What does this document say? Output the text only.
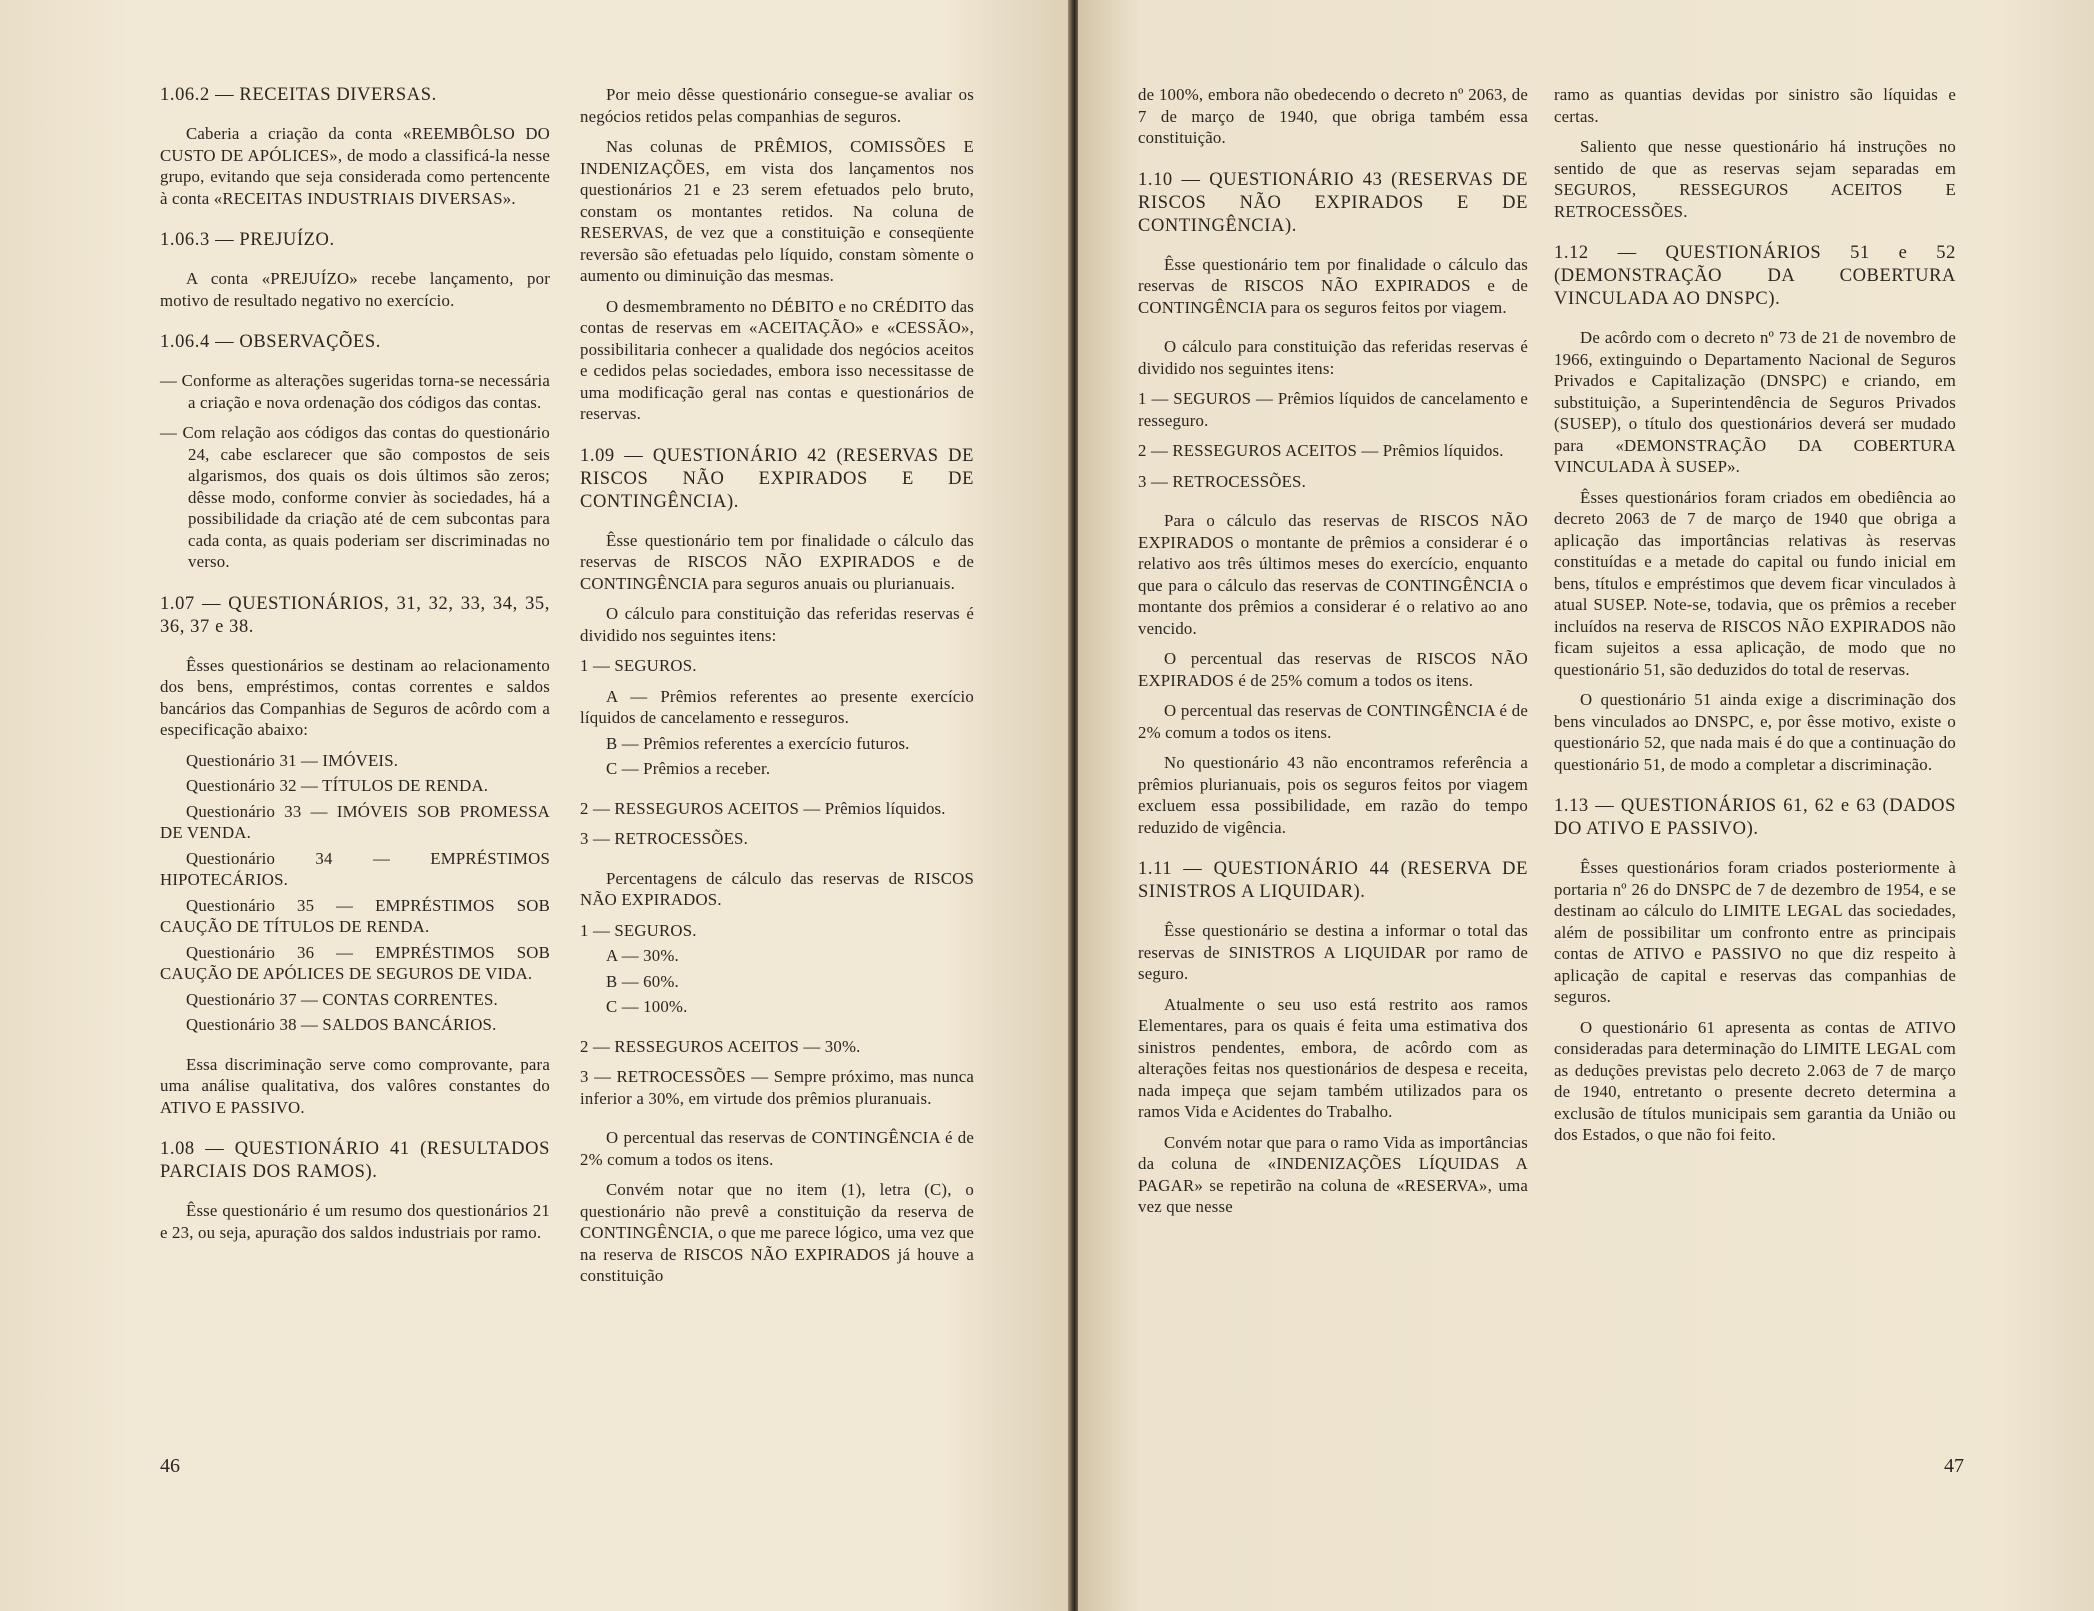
1.06.2 — RECEITAS DIVERSAS.

Caberia a criação da conta «REEMBÔLSO DO CUSTO DE APÓLICES», de modo a classificá-la nesse grupo, evitando que seja considerada como pertencente à conta «RECEITAS INDUSTRIAIS DIVERSAS».

1.06.3 — PREJUÍZO.

A conta «PREJUÍZO» recebe lançamento, por motivo de resultado negativo no exercício.

1.06.4 — OBSERVAÇÕES.

— Conforme as alterações sugeridas torna-se necessária a criação e nova ordenação dos códigos das contas.

— Com relação aos códigos das contas do questionário 24, cabe esclarecer que são compostos de seis algarismos, dos quais os dois últimos são zeros; dêsse modo, conforme convier às sociedades, há a possibilidade da criação até de cem subcontas para cada conta, as quais poderiam ser discriminadas no verso.

1.07 — QUESTIONÁRIOS, 31, 32, 33, 34, 35, 36, 37 e 38.

Êsses questionários se destinam ao relacionamento dos bens, empréstimos, contas correntes e saldos bancários das Companhias de Seguros de acôrdo com a especificação abaixo:

Questionário 31 — IMÓVEIS.

Questionário 32 — TÍTULOS DE RENDA.

Questionário 33 — IMÓVEIS SOB PROMESSA DE VENDA.

Questionário 34 — EMPRÉSTIMOS HIPOTECÁRIOS.

Questionário 35 — EMPRÉSTIMOS SOB CAUÇÃO DE TÍTULOS DE RENDA.

Questionário 36 — EMPRÉSTIMOS SOB CAUÇÃO DE APÓLICES DE SEGUROS DE VIDA.

Questionário 37 — CONTAS CORRENTES.

Questionário 38 — SALDOS BANCÁRIOS.

Essa discriminação serve como comprovante, para uma análise qualitativa, dos valôres constantes do ATIVO E PASSIVO.

1.08 — QUESTIONÁRIO 41 (RESULTADOS PARCIAIS DOS RAMOS).

Êsse questionário é um resumo dos questionários 21 e 23, ou seja, apuração dos saldos industriais por ramo.

Por meio dêsse questionário consegue-se avaliar os negócios retidos pelas companhias de seguros.

Nas colunas de PRÊMIOS, COMISSÕES E INDENIZAÇÕES, em vista dos lançamentos nos questionários 21 e 23 serem efetuados pelo bruto, constam os montantes retidos. Na coluna de RESERVAS, de vez que a constituição e conseqüente reversão são efetuadas pelo líquido, constam sòmente o aumento ou diminuição das mesmas.

O desmembramento no DÉBITO e no CRÉDITO das contas de reservas em «ACEITAÇÃO» e «CESSÃO», possibilitaria conhecer a qualidade dos negócios aceitos e cedidos pelas sociedades, embora isso necessitasse de uma modificação geral nas contas e questionários de reservas.

1.09 — QUESTIONÁRIO 42 (RESERVAS DE RISCOS NÃO EXPIRADOS E DE CONTINGÊNCIA).

Êsse questionário tem por finalidade o cálculo das reservas de RISCOS NÃO EXPIRADOS e de CONTINGÊNCIA para seguros anuais ou plurianuais.

O cálculo para constituição das referidas reservas é dividido nos seguintes itens:

1 — SEGUROS.

A — Prêmios referentes ao presente exercício líquidos de cancelamento e resseguros.

B — Prêmios referentes a exercício futuros.

C — Prêmios a receber.

2 — RESSEGUROS ACEITOS — Prêmios líquidos.

3 — RETROCESSÕES.

Percentagens de cálculo das reservas de RISCOS NÃO EXPIRADOS.

1 — SEGUROS.

A — 30%.

B — 60%.

C — 100%.

2 — RESSEGUROS ACEITOS — 30%.

3 — RETROCESSÕES — Sempre próximo, mas nunca inferior a 30%, em virtude dos prêmios pluranuais.

O percentual das reservas de CONTINGÊNCIA é de 2% comum a todos os itens.

Convém notar que no item (1), letra (C), o questionário não prevê a constituição da reserva de CONTINGÊNCIA, o que me parece lógico, uma vez que na reserva de RISCOS NÃO EXPIRADOS já houve a constituição

46

de 100%, embora não obedecendo o decreto nº 2063, de 7 de março de 1940, que obriga também essa constituição.

1.10 — QUESTIONÁRIO 43 (RESERVAS DE RISCOS NÃO EXPIRADOS E DE CONTINGÊNCIA).

Êsse questionário tem por finalidade o cálculo das reservas de RISCOS NÃO EXPIRADOS e de CONTINGÊNCIA para os seguros feitos por viagem.

O cálculo para constituição das referidas reservas é dividido nos seguintes itens:

1 — SEGUROS — Prêmios líquidos de cancelamento e resseguro.

2 — RESSEGUROS ACEITOS — Prêmios líquidos.

3 — RETROCESSÕES.

Para o cálculo das reservas de RISCOS NÃO EXPIRADOS o montante de prêmios a considerar é o relativo aos três últimos meses do exercício, enquanto que para o cálculo das reservas de CONTINGÊNCIA o montante dos prêmios a considerar é o relativo ao ano vencido.

O percentual das reservas de RISCOS NÃO EXPIRADOS é de 25% comum a todos os itens.

O percentual das reservas de CONTINGÊNCIA é de 2% comum a todos os itens.

No questionário 43 não encontramos referência a prêmios plurianuais, pois os seguros feitos por viagem excluem essa possibilidade, em razão do tempo reduzido de vigência.

1.11 — QUESTIONÁRIO 44 (RESERVA DE SINISTROS A LIQUIDAR).

Êsse questionário se destina a informar o total das reservas de SINISTROS A LIQUIDAR por ramo de seguro.

Atualmente o seu uso está restrito aos ramos Elementares, para os quais é feita uma estimativa dos sinistros pendentes, embora, de acôrdo com as alterações feitas nos questionários de despesa e receita, nada impeça que sejam também utilizados para os ramos Vida e Acidentes do Trabalho.

Convém notar que para o ramo Vida as importâncias da coluna de «INDENIZAÇÕES LÍQUIDAS A PAGAR» se repetirão na coluna de «RESERVA», uma vez que nesse

ramo as quantias devidas por sinistro são líquidas e certas.

Saliento que nesse questionário há instruções no sentido de que as reservas sejam separadas em SEGUROS, RESSEGUROS ACEITOS E RETROCESSÕES.

1.12 — QUESTIONÁRIOS 51 e 52 (DEMONSTRAÇÃO DA COBERTURA VINCULADA AO DNSPC).

De acôrdo com o decreto nº 73 de 21 de novembro de 1966, extinguindo o Departamento Nacional de Seguros Privados e Capitalização (DNSPC) e criando, em substituição, a Superintendência de Seguros Privados (SUSEP), o título dos questionários deverá ser mudado para «DEMONSTRAÇÃO DA COBERTURA VINCULADA À SUSEP».

Êsses questionários foram criados em obediência ao decreto 2063 de 7 de março de 1940 que obriga a aplicação das importâncias relativas às reservas constituídas e a metade do capital ou fundo inicial em bens, títulos e empréstimos que devem ficar vinculados à atual SUSEP. Note-se, todavia, que os prêmios a receber incluídos na reserva de RISCOS NÃO EXPIRADOS não ficam sujeitos a essa aplicação, de modo que no questionário 51, são deduzidos do total de reservas.

O questionário 51 ainda exige a discriminação dos bens vinculados ao DNSPC, e, por êsse motivo, existe o questionário 52, que nada mais é do que a continuação do questionário 51, de modo a completar a discriminação.

1.13 — QUESTIONÁRIOS 61, 62 e 63 (DADOS DO ATIVO E PASSIVO).

Êsses questionários foram criados posteriormente à portaria nº 26 do DNSPC de 7 de dezembro de 1954, e se destinam ao cálculo do LIMITE LEGAL das sociedades, além de possibilitar um confronto entre as principais contas de ATIVO e PASSIVO no que diz respeito à aplicação de capital e reservas das companhias de seguros.

O questionário 61 apresenta as contas de ATIVO consideradas para determinação do LIMITE LEGAL com as deduções previstas pelo decreto 2.063 de 7 de março de 1940, entretanto o presente decreto determina a exclusão de títulos municipais sem garantia da União ou dos Estados, o que não foi feito.

47
